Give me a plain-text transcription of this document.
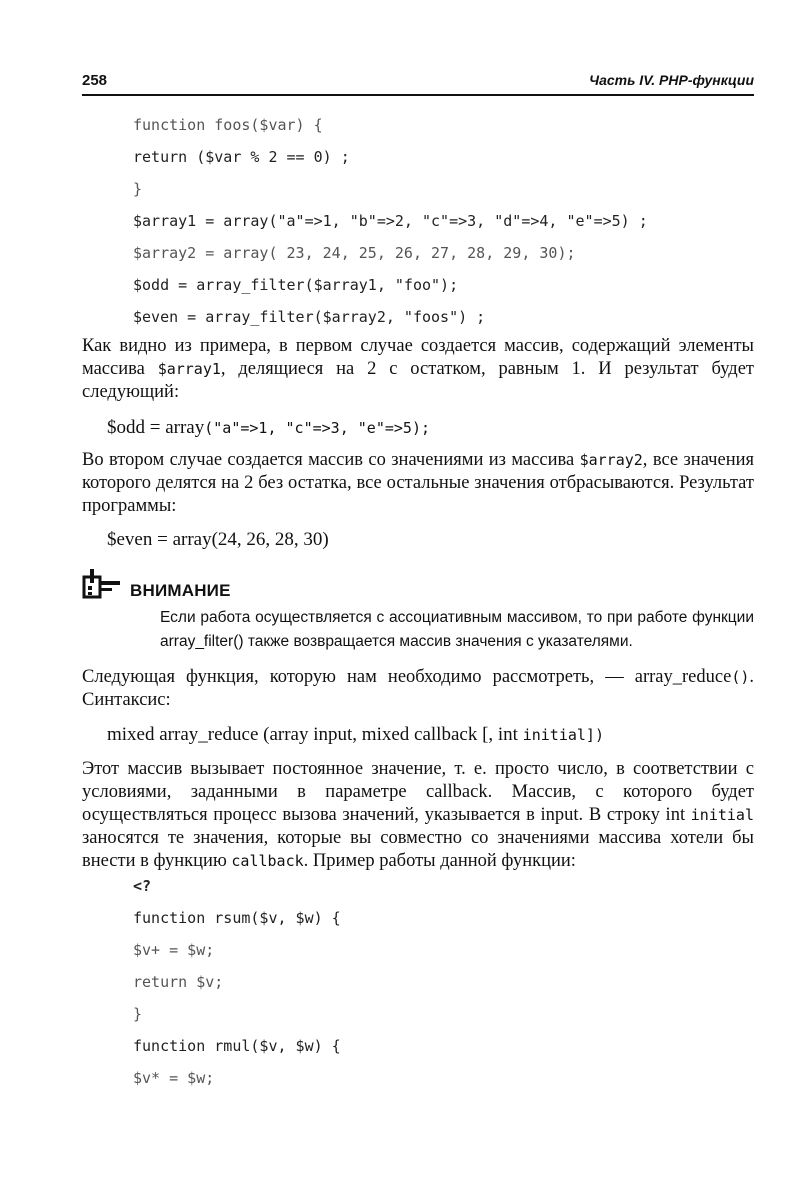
258	Часть IV. PHP-функции
function foos($var) {
return ($var % 2 == 0) ;
}
$array1 = array("a"=>1, "b"=>2, "c"=>3, "d"=>4, "e"=>5) ;
$array2 = array( 23, 24, 25, 26, 27, 28, 29, 30);
$odd = array_filter($array1, "foo");
$even = array_filter($array2, "foos") ;
Как видно из примера, в первом случае создается массив, содержащий элементы массива $array1, делящиеся на 2 с остатком, равным 1. И результат будет следующий:
$odd = array("a"=>1, "c"=>3, "e"=>5);
Во втором случае создается массив со значениями из массива $array2, все значения которого делятся на 2 без остатка, все остальные значения отбрасываются. Результат программы:
$even = array(24, 26, 28, 30)
ВНИМАНИЕ
Если работа осуществляется с ассоциативным массивом, то при работе функции array_filter() также возвращается массив значения с указателями.
Следующая функция, которую нам необходимо рассмотреть, — array_reduce(). Синтаксис:
mixed array_reduce (array input, mixed callback [, int initial])
Этот массив вызывает постоянное значение, т. е. просто число, в соответствии с условиями, заданными в параметре callback. Массив, с которого будет осуществляться процесс вызова значений, указывается в input. В строку int initial заносятся те значения, которые вы совместно со значениями массива хотели бы внести в функцию callback. Пример работы данной функции:
<?
function rsum($v, $w) {
$v+ = $w;
return $v;
}
function rmul($v, $w) {
$v* = $w;
